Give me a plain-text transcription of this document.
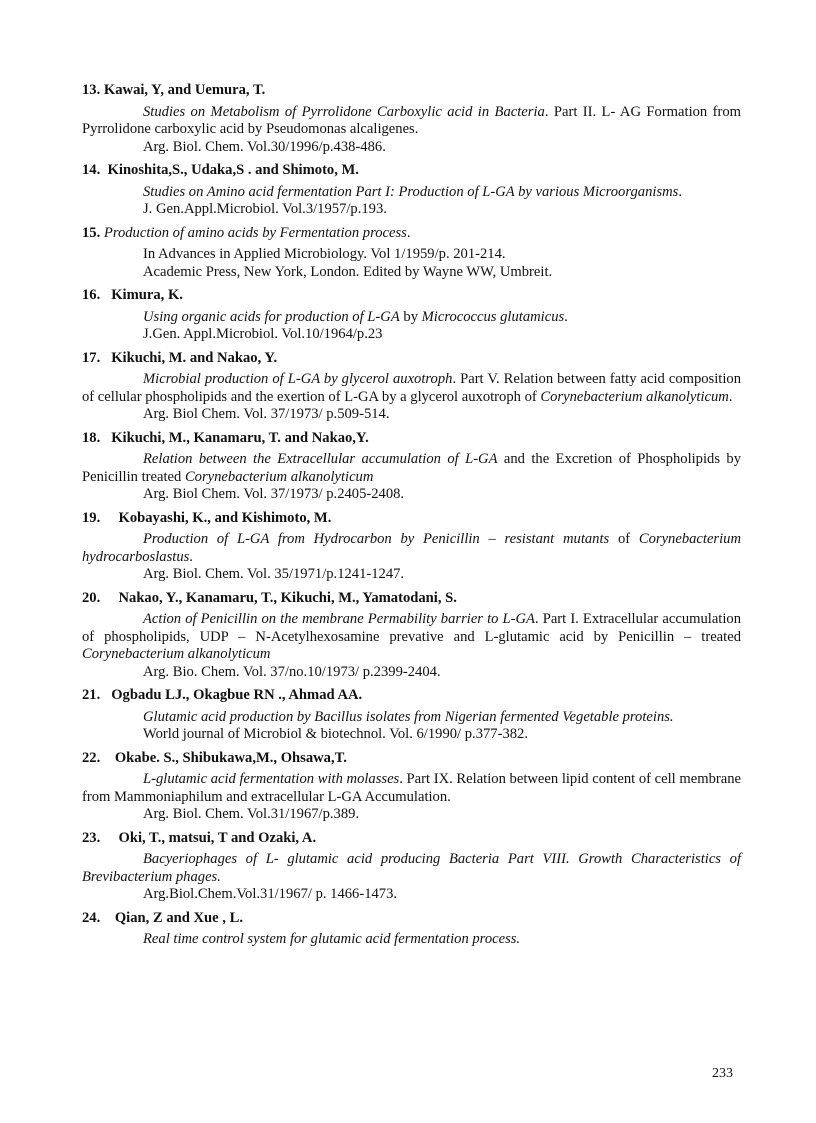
13. Kawai, Y, and Uemura, T.
Studies on Metabolism of Pyrrolidone Carboxylic acid in Bacteria. Part II. L- AG Formation from Pyrrolidone carboxylic acid by Pseudomonas alcaligenes.
Arg. Biol. Chem. Vol.30/1996/p.438-486.
14.  Kinoshita,S., Udaka,S . and Shimoto, M.
Studies on Amino acid fermentation Part I: Production of L-GA by various Microorganisms.
J. Gen.Appl.Microbiol. Vol.3/1957/p.193.
15. Production of amino acids by Fermentation process.
In Advances in Applied Microbiology. Vol 1/1959/p. 201-214.
Academic Press, New York, London. Edited by Wayne WW, Umbreit.
16.   Kimura, K.
Using organic acids for production of L-GA by Micrococcus glutamicus.
J.Gen. Appl.Microbiol. Vol.10/1964/p.23
17.   Kikuchi, M. and Nakao, Y.
Microbial production of L-GA by glycerol auxotroph. Part V. Relation between fatty acid composition of cellular phospholipids and the exertion of L-GA by a glycerol auxotroph of Corynebacterium alkanolyticum.
Arg. Biol Chem. Vol. 37/1973/ p.509-514.
18.   Kikuchi, M., Kanamaru, T. and Nakao,Y.
Relation between the Extracellular accumulation of L-GA and the Excretion of Phospholipids by Penicillin treated Corynebacterium alkanolyticum
Arg. Biol Chem. Vol. 37/1973/ p.2405-2408.
19.     Kobayashi, K., and Kishimoto, M.
Production of L-GA from Hydrocarbon by Penicillin – resistant mutants of Corynebacterium hydrocarboslastus.
Arg. Biol. Chem. Vol. 35/1971/p.1241-1247.
20.     Nakao, Y., Kanamaru, T., Kikuchi, M., Yamatodani, S.
Action of Penicillin on the membrane Permability barrier to L-GA. Part I. Extracellular accumulation of phospholipids, UDP – N-Acetylhexosamine prevative and L-glutamic acid by Penicillin – treated Corynebacterium alkanolyticum
Arg. Bio. Chem. Vol. 37/no.10/1973/ p.2399-2404.
21.   Ogbadu LJ., Okagbue RN ., Ahmad AA.
Glutamic acid production by Bacillus isolates from Nigerian fermented Vegetable proteins.
World journal of Microbiol & biotechnol. Vol. 6/1990/ p.377-382.
22.    Okabe. S., Shibukawa,M., Ohsawa,T.
L-glutamic acid fermentation with molasses. Part IX. Relation between lipid content of cell membrane from Mammoniaphilum and extracellular L-GA Accumulation.
Arg. Biol. Chem. Vol.31/1967/p.389.
23.     Oki, T., matsui, T and Ozaki, A.
Bacyeriophages of L- glutamic acid producing Bacteria Part VIII. Growth Characteristics of Brevibacterium phages.
Arg.Biol.Chem.Vol.31/1967/ p. 1466-1473.
24.    Qian, Z and Xue , L.
Real time control system for glutamic acid fermentation process.
233
